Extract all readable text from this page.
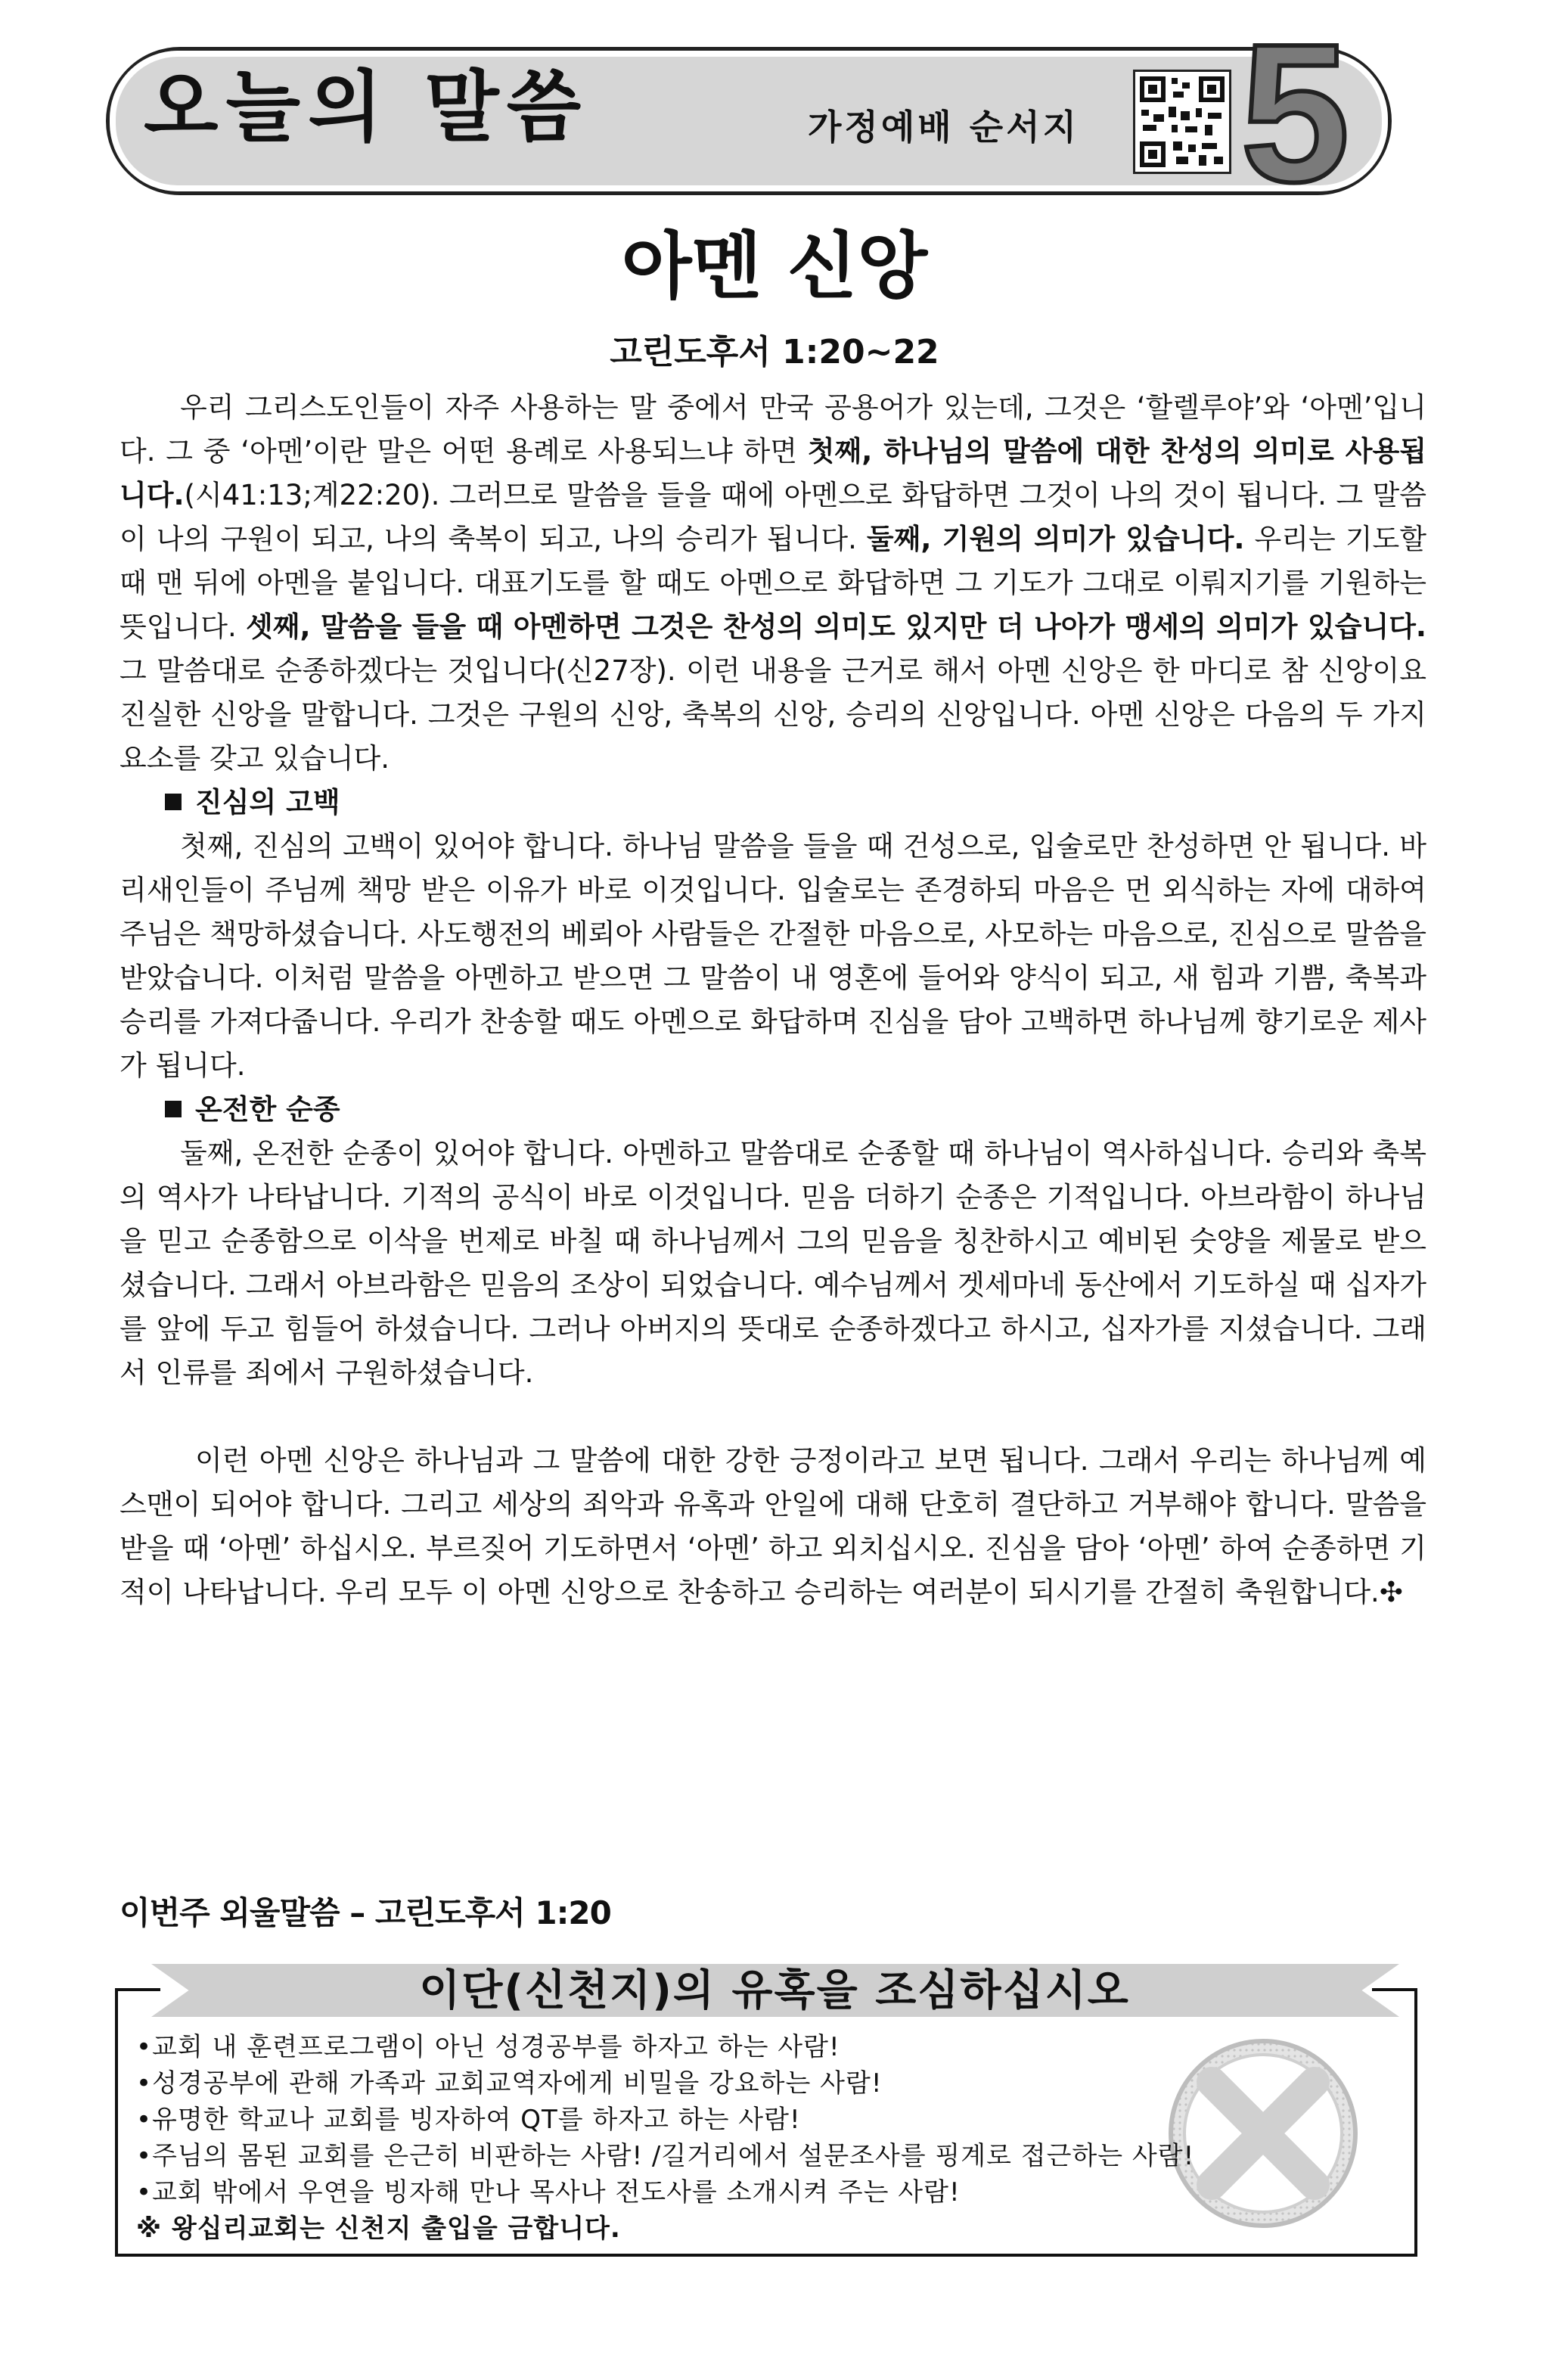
오늘의 말씀	가정예배 순서지 5
아멘 신앙
고린도후서 1:20~22

우리 그리스도인들이 자주 사용하는 말 중에서 만국 공용어가 있는데, 그것은 ‘할렐루야’와 ‘아멘’입니다. 그 중 ‘아멘’이란 말은 어떤 용례로 사용되느냐 하면 첫째, 하나님의 말씀에 대한 찬성의 의미로 사용됩니다.(시41:13;계22:20). 그러므로 말씀을 들을 때에 아멘으로 화답하면 그것이 나의 것이 됩니다. 그 말씀이 나의 구원이 되고, 나의 축복이 되고, 나의 승리가 됩니다. 둘째, 기원의 의미가 있습니다. 우리는 기도할 때 맨 뒤에 아멘을 붙입니다. 대표기도를 할 때도 아멘으로 화답하면 그 기도가 그대로 이뤄지기를 기원하는 뜻입니다. 셋째, 말씀을 들을 때 아멘하면 그것은 찬성의 의미도 있지만 더 나아가 맹세의 의미가 있습니다. 그 말씀대로 순종하겠다는 것입니다(신27장). 이런 내용을 근거로 해서 아멘 신앙은 한 마디로 참 신앙이요 진실한 신앙을 말합니다. 그것은 구원의 신앙, 축복의 신앙, 승리의 신앙입니다. 아멘 신앙은 다음의 두 가지 요소를 갖고 있습니다.

진심의 고백

첫째, 진심의 고백이 있어야 합니다. 하나님 말씀을 들을 때 건성으로, 입술로만 찬성하면 안 됩니다. 바리새인들이 주님께 책망 받은 이유가 바로 이것입니다. 입술로는 존경하되 마음은 먼 외식하는 자에 대하여 주님은 책망하셨습니다. 사도행전의 베뢰아 사람들은 간절한 마음으로, 사모하는 마음으로, 진심으로 말씀을 받았습니다. 이처럼 말씀을 아멘하고 받으면 그 말씀이 내 영혼에 들어와 양식이 되고, 새 힘과 기쁨, 축복과 승리를 가져다줍니다. 우리가 찬송할 때도 아멘으로 화답하며 진심을 담아 고백하면 하나님께 향기로운 제사가 됩니다.

온전한 순종

둘째, 온전한 순종이 있어야 합니다. 아멘하고 말씀대로 순종할 때 하나님이 역사하십니다. 승리와 축복의 역사가 나타납니다. 기적의 공식이 바로 이것입니다. 믿음 더하기 순종은 기적입니다. 아브라함이 하나님을 믿고 순종함으로 이삭을 번제로 바칠 때 하나님께서 그의 믿음을 칭찬하시고 예비된 숫양을 제물로 받으셨습니다. 그래서 아브라함은 믿음의 조상이 되었습니다. 예수님께서 겟세마네 동산에서 기도하실 때 십자가를 앞에 두고 힘들어 하셨습니다. 그러나 아버지의 뜻대로 순종하겠다고 하시고, 십자가를 지셨습니다. 그래서 인류를 죄에서 구원하셨습니다.

이런 아멘 신앙은 하나님과 그 말씀에 대한 강한 긍정이라고 보면 됩니다. 그래서 우리는 하나님께 예스맨이 되어야 합니다. 그리고 세상의 죄악과 유혹과 안일에 대해 단호히 결단하고 거부해야 합니다. 말씀을 받을 때 ‘아멘’ 하십시오. 부르짖어 기도하면서 ‘아멘’ 하고 외치십시오. 진심을 담아 ‘아멘’ 하여 순종하면 기적이 나타납니다. 우리 모두 이 아멘 신앙으로 찬송하고 승리하는 여러분이 되시기를 간절히 축원합니다.✣

이번주 외울말씀 – 고린도후서 1:20
이단(신천지)의 유혹을 조심하십시오
•교회 내 훈련프로그램이 아닌 성경공부를 하자고 하는 사람!
•성경공부에 관해 가족과 교회교역자에게 비밀을 강요하는 사람!
•유명한 학교나 교회를 빙자하여 QT를 하자고 하는 사람!
•주님의 몸된 교회를 은근히 비판하는 사람! /길거리에서 설문조사를 핑계로 접근하는 사람!
•교회 밖에서 우연을 빙자해 만나 목사나 전도사를 소개시켜 주는 사람!
※ 왕십리교회는 신천지 출입을 금합니다.
